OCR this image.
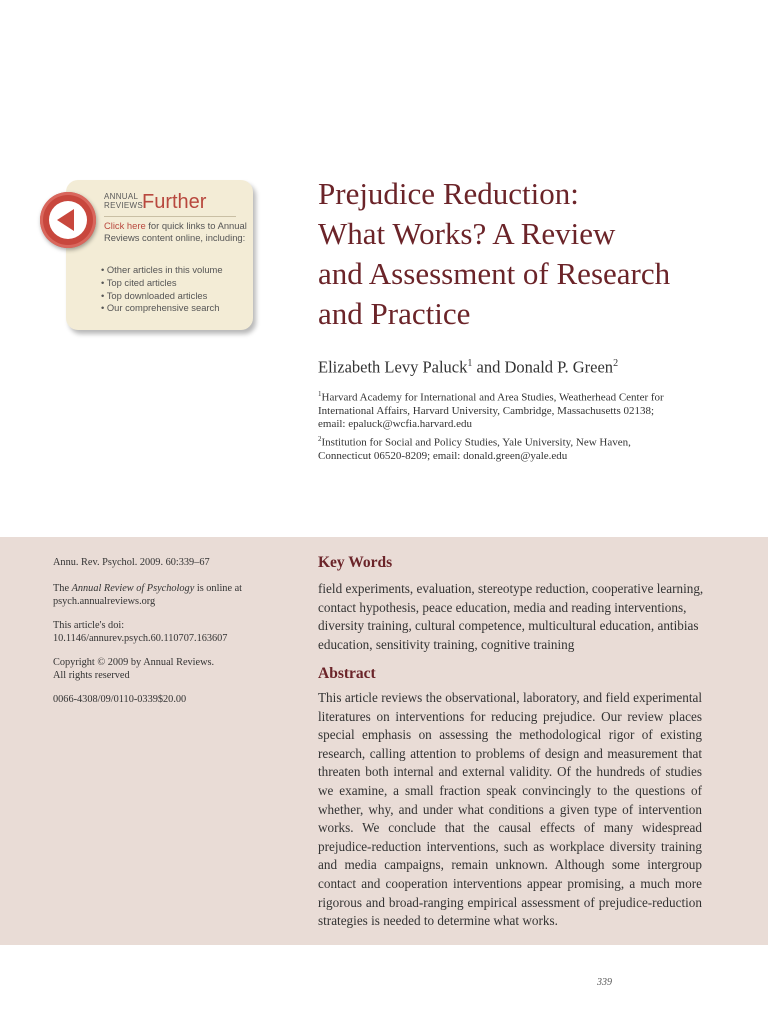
ANNUAL
REVIEWS Further
Click here for quick links to Annual Reviews content online, including:
• Other articles in this volume
• Top cited articles
• Top downloaded articles
• Our comprehensive search
Prejudice Reduction:
What Works? A Review
and Assessment of Research
and Practice
Elizabeth Levy Paluck$^1$ and Donald P. Green$^2$
$^1$Harvard Academy for International and Area Studies, Weatherhead Center for
International Affairs, Harvard University, Cambridge, Massachusetts 02138;
email: epaluck@wcfia.harvard.edu
$^2$Institution for Social and Policy Studies, Yale University, New Haven,
Connecticut 06520-8209; email: donald.green@yale.edu
Annu. Rev. Psychol. 2009. 60:339–67
The Annual Review of Psychology is online at
psych.annualreviews.org
This article's doi:
10.1146/annurev.psych.60.110707.163607
Copyright © 2009 by Annual Reviews.
All rights reserved
0066-4308/09/0110-0339$20.00
Key Words
field experiments, evaluation, stereotype reduction, cooperative learning, contact hypothesis, peace education, media and reading interventions, diversity training, cultural competence, multicultural education, antibias education, sensitivity training, cognitive training
Abstract
This article reviews the observational, laboratory, and field experimental literatures on interventions for reducing prejudice. Our review places special emphasis on assessing the methodological rigor of existing research, calling attention to problems of design and measurement that threaten both internal and external validity. Of the hundreds of studies we examine, a small fraction speak convincingly to the questions of whether, why, and under what conditions a given type of intervention works. We conclude that the causal effects of many widespread prejudice-reduction interventions, such as workplace diversity training and media campaigns, remain unknown. Although some intergroup contact and cooperation interventions appear promising, a much more rigorous and broad-ranging empirical assessment of prejudice-reduction strategies is needed to determine what works.
339
